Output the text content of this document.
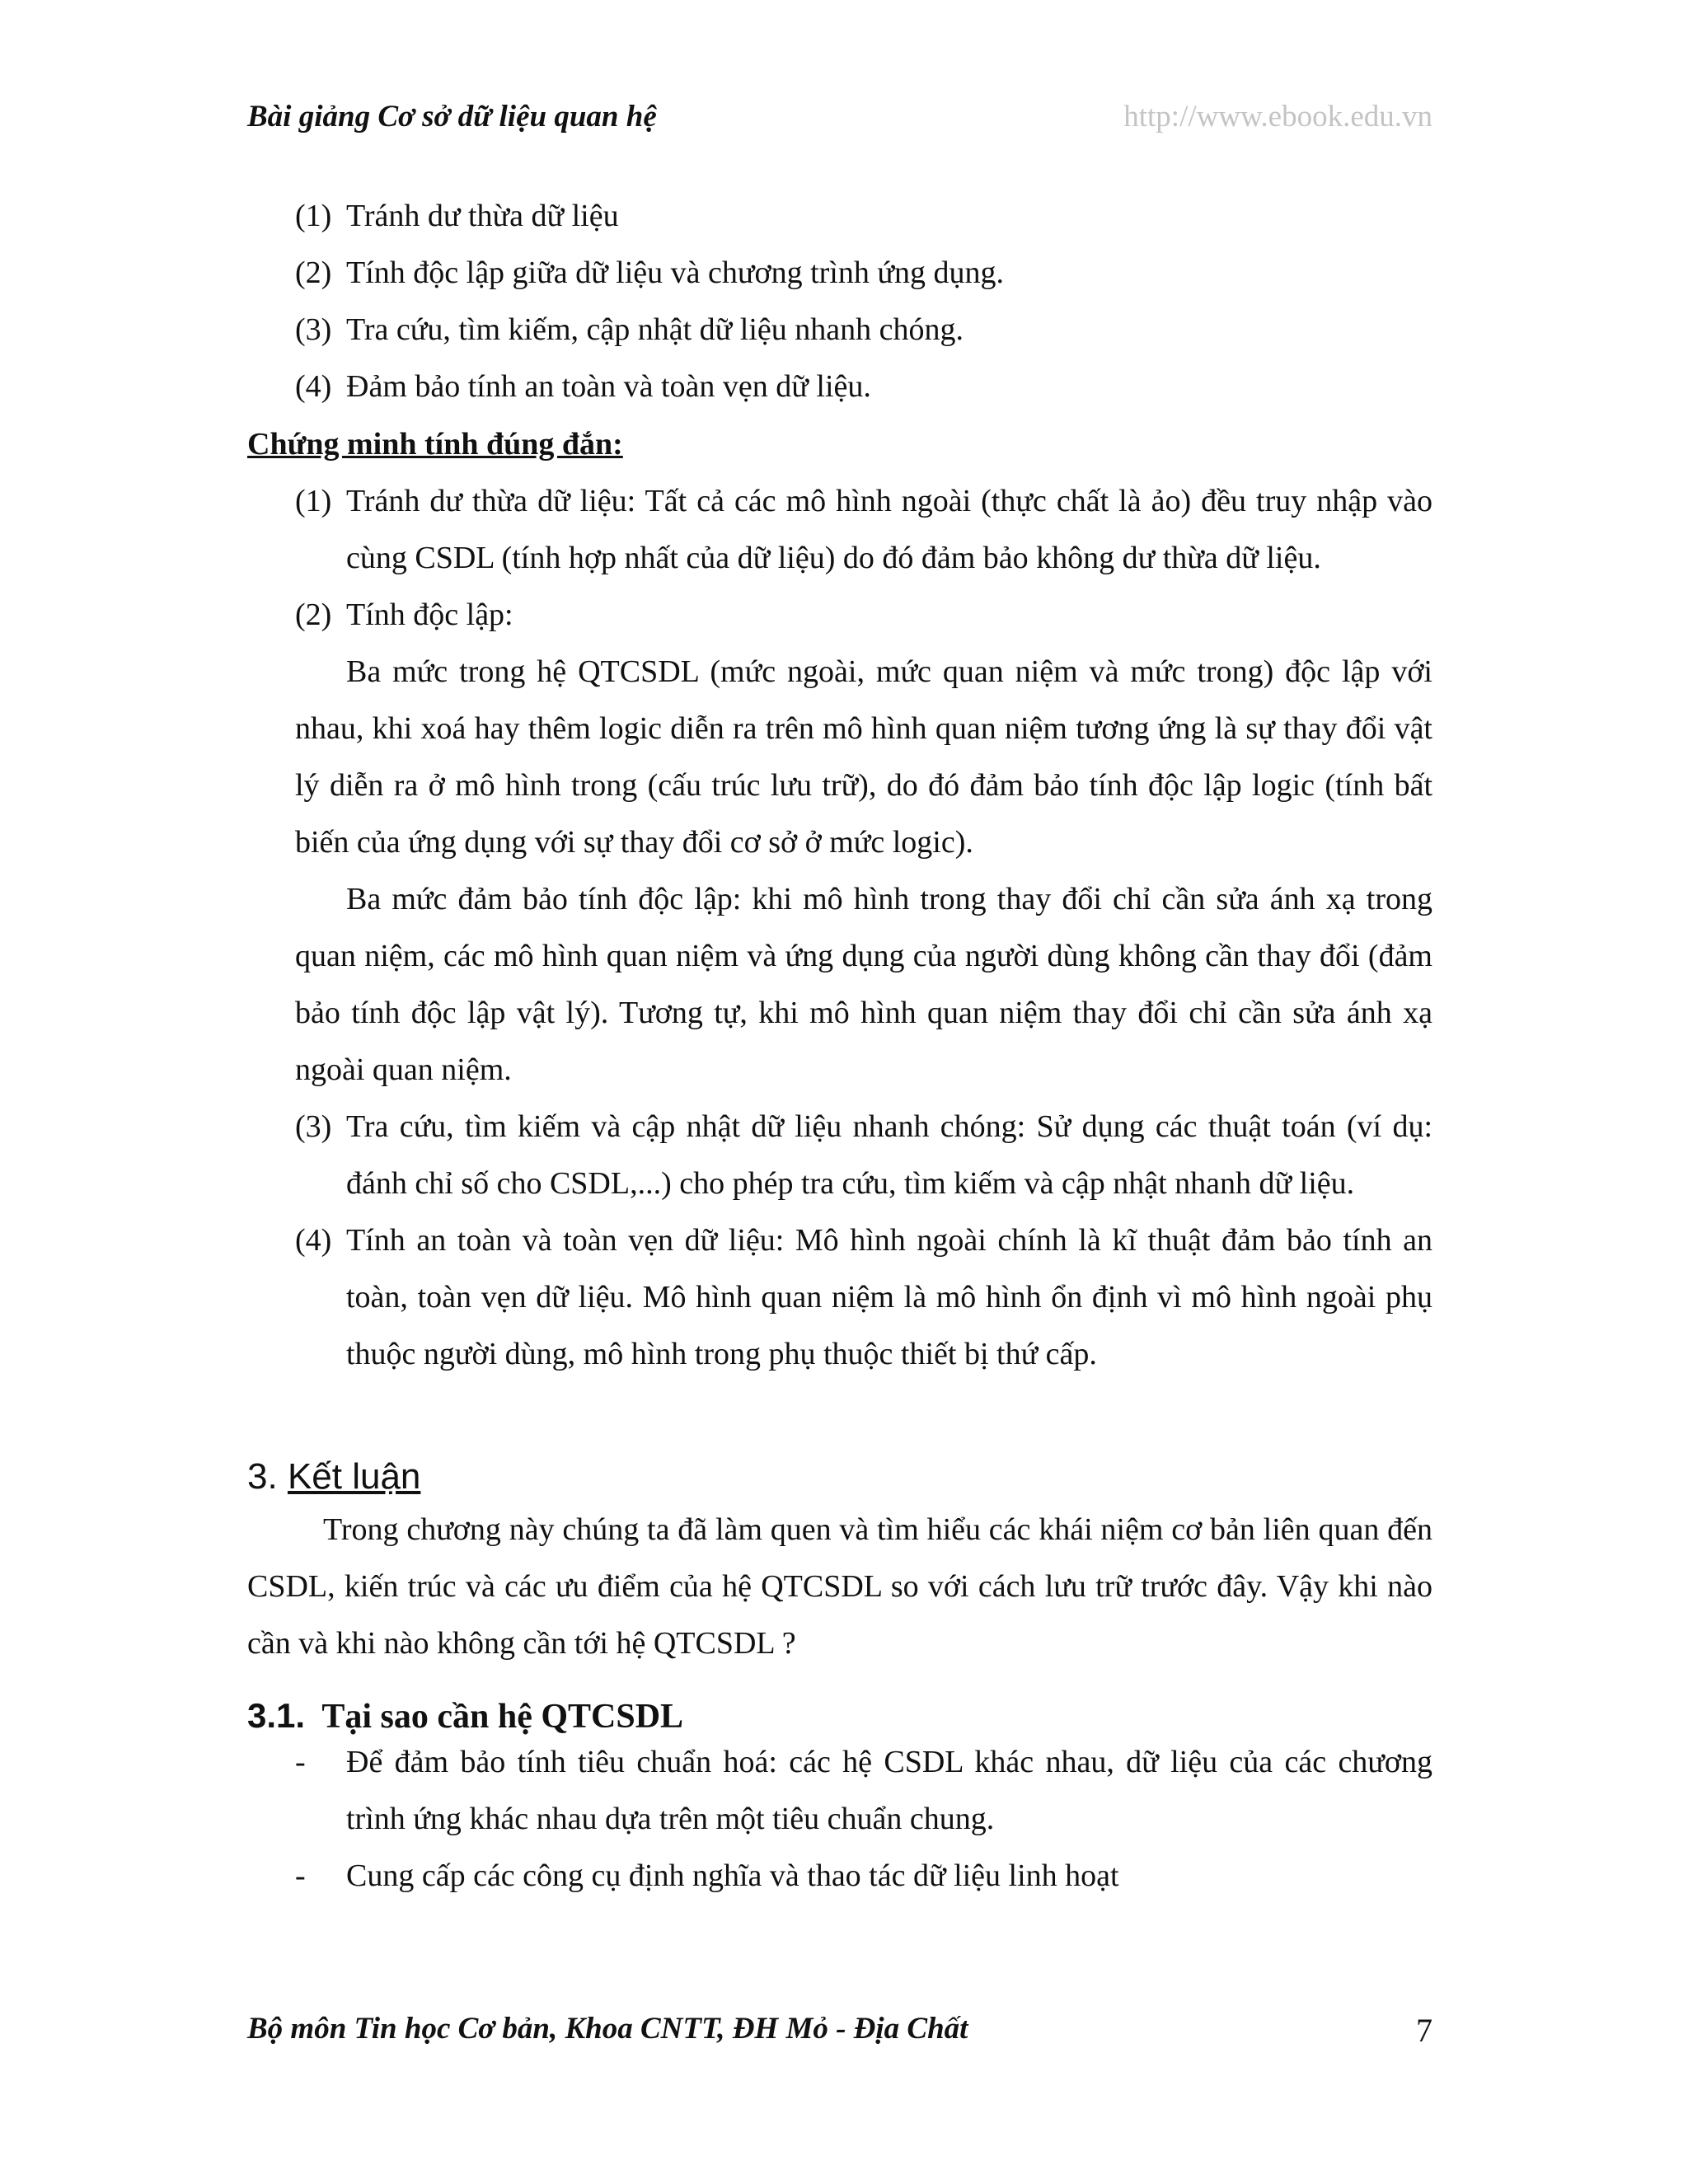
Bài giảng Cơ sở dữ liệu quan hệ	http://www.ebook.edu.vn
(1) Tránh dư thừa dữ liệu
(2) Tính độc lập giữa dữ liệu và chương trình ứng dụng.
(3) Tra cứu, tìm kiếm, cập nhật dữ liệu nhanh chóng.
(4) Đảm bảo tính an toàn và toàn vẹn dữ liệu.
Chứng minh tính đúng đắn:
(1) Tránh dư thừa dữ liệu: Tất cả các mô hình ngoài (thực chất là ảo) đều truy nhập vào cùng CSDL (tính hợp nhất của dữ liệu) do đó đảm bảo không dư thừa dữ liệu.
(2) Tính độc lập:
Ba mức trong hệ QTCSDL (mức ngoài, mức quan niệm và mức trong) độc lập với nhau, khi xoá hay thêm logic diễn ra trên mô hình quan niệm tương ứng là sự thay đổi vật lý diễn ra ở mô hình trong (cấu trúc lưu trữ), do đó đảm bảo tính độc lập logic (tính bất biến của ứng dụng với sự thay đổi cơ sở ở mức logic).
Ba mức đảm bảo tính độc lập: khi mô hình trong thay đổi chỉ cần sửa ánh xạ trong quan niệm, các mô hình quan niệm và ứng dụng của người dùng không cần thay đổi (đảm bảo tính độc lập vật lý). Tương tự, khi mô hình quan niệm thay đổi chỉ cần sửa ánh xạ ngoài quan niệm.
(3) Tra cứu, tìm kiếm và cập nhật dữ liệu nhanh chóng: Sử dụng các thuật toán (ví dụ: đánh chỉ số cho CSDL,...) cho phép tra cứu, tìm kiếm và cập nhật nhanh dữ liệu.
(4) Tính an toàn và toàn vẹn dữ liệu: Mô hình ngoài chính là kĩ thuật đảm bảo tính an toàn, toàn vẹn dữ liệu. Mô hình quan niệm là mô hình ổn định vì mô hình ngoài phụ thuộc người dùng, mô hình trong phụ thuộc thiết bị thứ cấp.
3. Kết luận
Trong chương này chúng ta đã làm quen và tìm hiểu các khái niệm cơ bản liên quan đến CSDL, kiến trúc và các ưu điểm của hệ QTCSDL so với cách lưu trữ trước đây. Vậy khi nào cần và khi nào không cần tới hệ QTCSDL ?
3.1. Tại sao cần hệ QTCSDL
- Để đảm bảo tính tiêu chuẩn hoá: các hệ CSDL khác nhau, dữ liệu của các chương trình ứng khác nhau dựa trên một tiêu chuẩn chung.
- Cung cấp các công cụ định nghĩa và thao tác dữ liệu linh hoạt
Bộ môn Tin học Cơ bản, Khoa CNTT, ĐH Mỏ - Địa Chất	7
